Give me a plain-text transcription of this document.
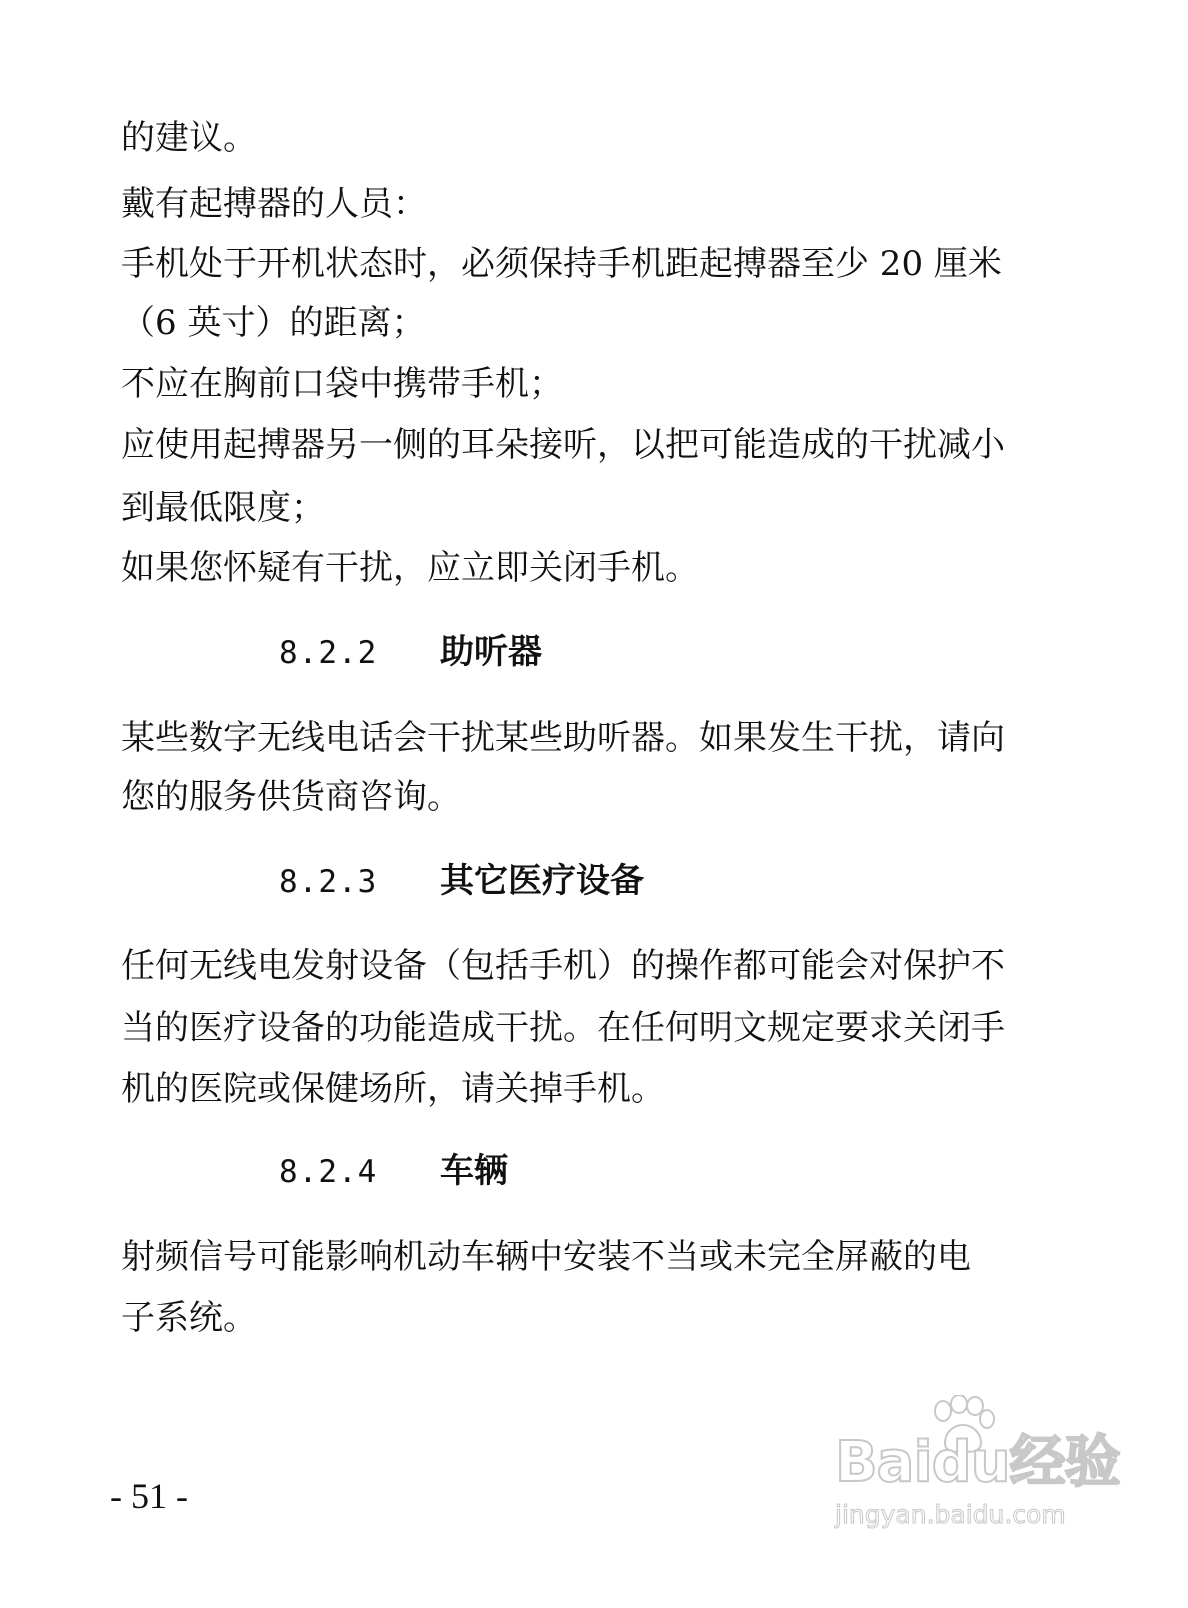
的建议。
戴有起搏器的人员：
手机处于开机状态时，必须保持手机距起搏器至少 20 厘米
（6 英寸）的距离；
不应在胸前口袋中携带手机；
应使用起搏器另一侧的耳朵接听，以把可能造成的干扰减小
到最低限度；
如果您怀疑有干扰，应立即关闭手机。
8.2.2 助听器
某些数字无线电话会干扰某些助听器。如果发生干扰，请向
您的服务供货商咨询。
8.2.3 其它医疗设备
任何无线电发射设备（包括手机）的操作都可能会对保护不
当的医疗设备的功能造成干扰。在任何明文规定要求关闭手
机的医院或保健场所，请关掉手机。
8.2.4 车辆
射频信号可能影响机动车辆中安装不当或未完全屏蔽的电
子系统。
- 51 -
Baidu经验
jingyan.baidu.com
